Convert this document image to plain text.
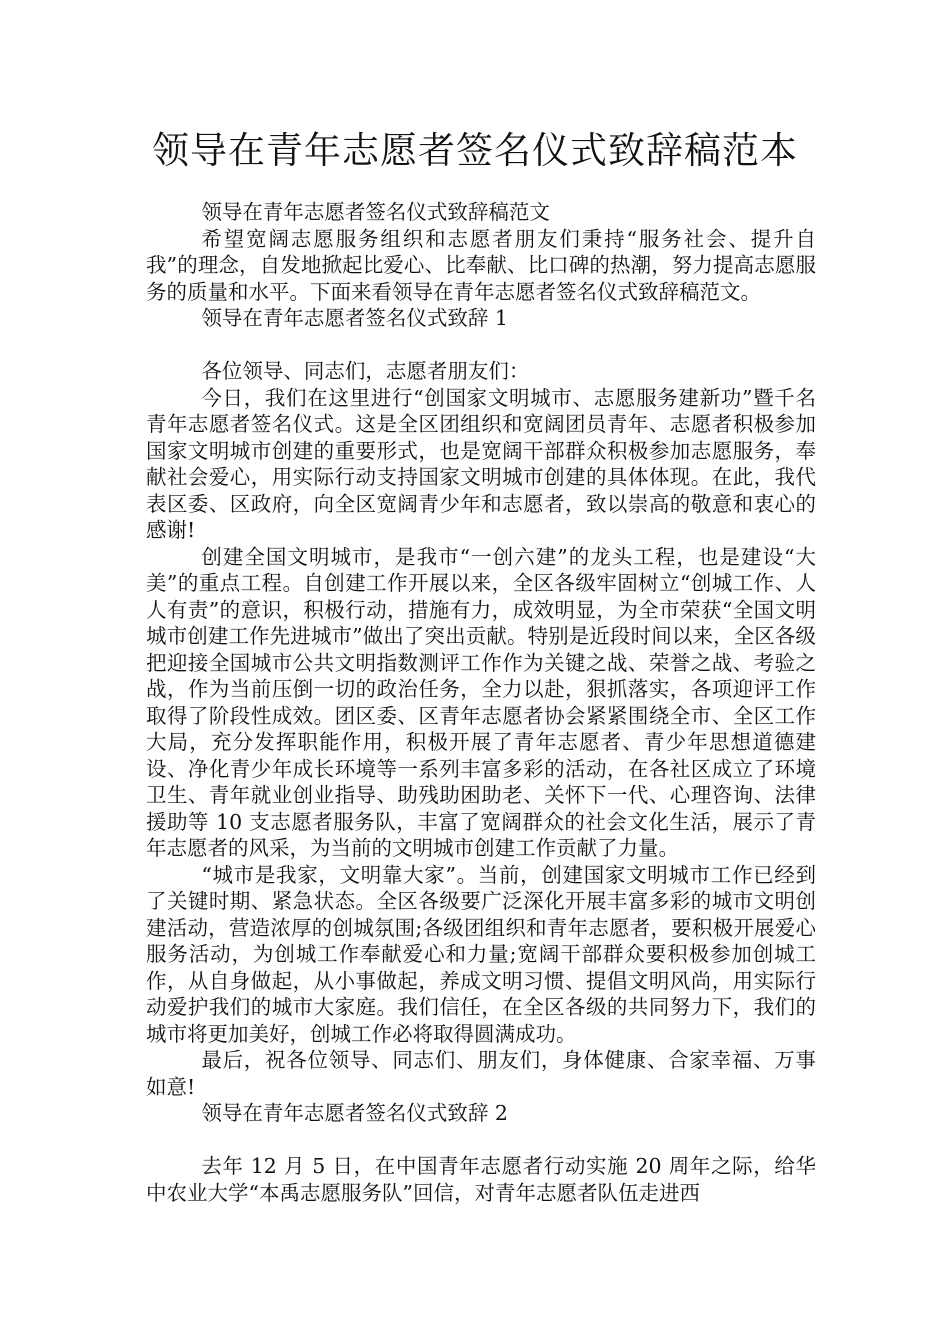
领导在青年志愿者签名仪式致辞稿范本

领导在青年志愿者签名仪式致辞稿范文

希望宽阔志愿服务组织和志愿者朋友们秉持“服务社会、提升自我”的理念，自发地掀起比爱心、比奉献、比口碑的热潮，努力提高志愿服务的质量和水平。下面来看领导在青年志愿者签名仪式致辞稿范文。

领导在青年志愿者签名仪式致辞 1

各位领导、同志们，志愿者朋友们：

今日，我们在这里进行“创国家文明城市、志愿服务建新功”暨千名青年志愿者签名仪式。这是全区团组织和宽阔团员青年、志愿者积极参加国家文明城市创建的重要形式，也是宽阔干部群众积极参加志愿服务，奉献社会爱心，用实际行动支持国家文明城市创建的具体体现。在此，我代表区委、区政府，向全区宽阔青少年和志愿者，致以崇高的敬意和衷心的感谢!

创建全国文明城市，是我市“一创六建”的龙头工程，也是建设“大美”的重点工程。自创建工作开展以来，全区各级牢固树立“创城工作、人人有责”的意识，积极行动，措施有力，成效明显，为全市荣获“全国文明城市创建工作先进城市”做出了突出贡献。特别是近段时间以来，全区各级把迎接全国城市公共文明指数测评工作作为关键之战、荣誉之战、考验之战，作为当前压倒一切的政治任务，全力以赴，狠抓落实，各项迎评工作取得了阶段性成效。团区委、区青年志愿者协会紧紧围绕全市、全区工作大局，充分发挥职能作用，积极开展了青年志愿者、青少年思想道德建设、净化青少年成长环境等一系列丰富多彩的活动，在各社区成立了环境卫生、青年就业创业指导、助残助困助老、关怀下一代、心理咨询、法律援助等 10 支志愿者服务队，丰富了宽阔群众的社会文化生活，展示了青年志愿者的风采，为当前的文明城市创建工作贡献了力量。

“城市是我家，文明靠大家”。当前，创建国家文明城市工作已经到了关键时期、紧急状态。全区各级要广泛深化开展丰富多彩的城市文明创建活动，营造浓厚的创城氛围;各级团组织和青年志愿者，要积极开展爱心服务活动，为创城工作奉献爱心和力量;宽阔干部群众要积极参加创城工作，从自身做起，从小事做起，养成文明习惯、提倡文明风尚，用实际行动爱护我们的城市大家庭。我们信任，在全区各级的共同努力下，我们的城市将更加美好，创城工作必将取得圆满成功。

最后，祝各位领导、同志们、朋友们，身体健康、合家幸福、万事如意!

领导在青年志愿者签名仪式致辞 2

去年 12 月 5 日，在中国青年志愿者行动实施 20 周年之际，给华中农业大学“本禹志愿服务队”回信，对青年志愿者队伍走进西
